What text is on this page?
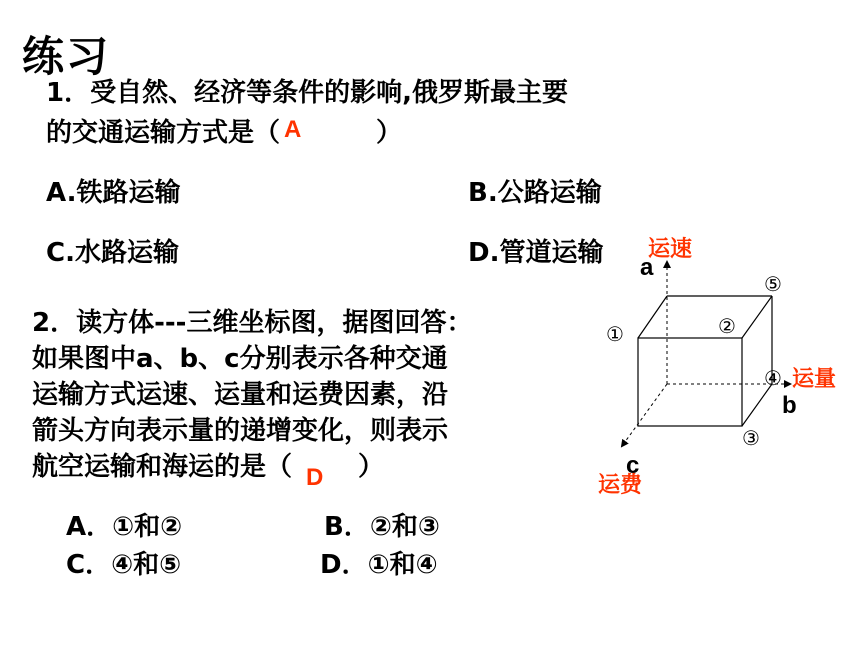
练习
1．受自然、经济等条件的影响,俄罗斯最主要
的交通运输方式是（ A	）
A.铁路运输	B.公路运输
C.水路运输	D.管道运输
2．读方体---三维坐标图，据图回答：
如果图中a、b、c分别表示各种交通
运输方式运速、运量和运费因素，沿
箭头方向表示量的递增变化，则表示
航空运输和海运的是（ D ）
A．①和②	B．②和③
C．④和⑤	D．①和④
a
b
c
运速
运量
运费
①	②
③
④
⑤
